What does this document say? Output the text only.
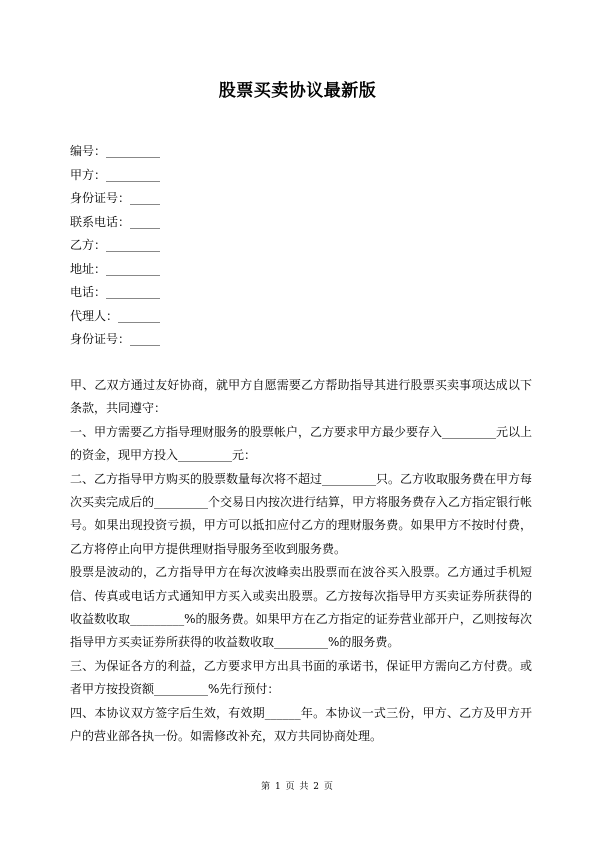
股票买卖协议最新版
编号：_________
甲方：_________
身份证号：_____
联系电话：_____
乙方：_________
地址：_________
电话：_________
代理人：_______
身份证号：_____

甲、乙双方通过友好协商，就甲方自愿需要乙方帮助指导其进行股票买卖事项达成以下条款，共同遵守：

一、甲方需要乙方指导理财服务的股票帐户，乙方要求甲方最少要存入_________元以上的资金，现甲方投入_________元：

二、乙方指导甲方购买的股票数量每次将不超过_________只。乙方收取服务费在甲方每次买卖完成后的_________个交易日内按次进行结算，甲方将服务费存入乙方指定银行帐号。如果出现投资亏损，甲方可以抵扣应付乙方的理财服务费。如果甲方不按时付费，乙方将停止向甲方提供理财指导服务至收到服务费。

股票是波动的，乙方指导甲方在每次波峰卖出股票而在波谷买入股票。乙方通过手机短信、传真或电话方式通知甲方买入或卖出股票。乙方按每次指导甲方买卖证券所获得的收益数收取_________%的服务费。如果甲方在乙方指定的证券营业部开户，乙则按每次指导甲方买卖证券所获得的收益数收取_________%的服务费。

三、为保证各方的利益，乙方要求甲方出具书面的承诺书，保证甲方需向乙方付费。或者甲方按投资额_________%先行预付：

四、本协议双方签字后生效，有效期______年。本协议一式三份，甲方、乙方及甲方开户的营业部各执一份。如需修改补充，双方共同协商处理。

第 1 页 共 2 页
